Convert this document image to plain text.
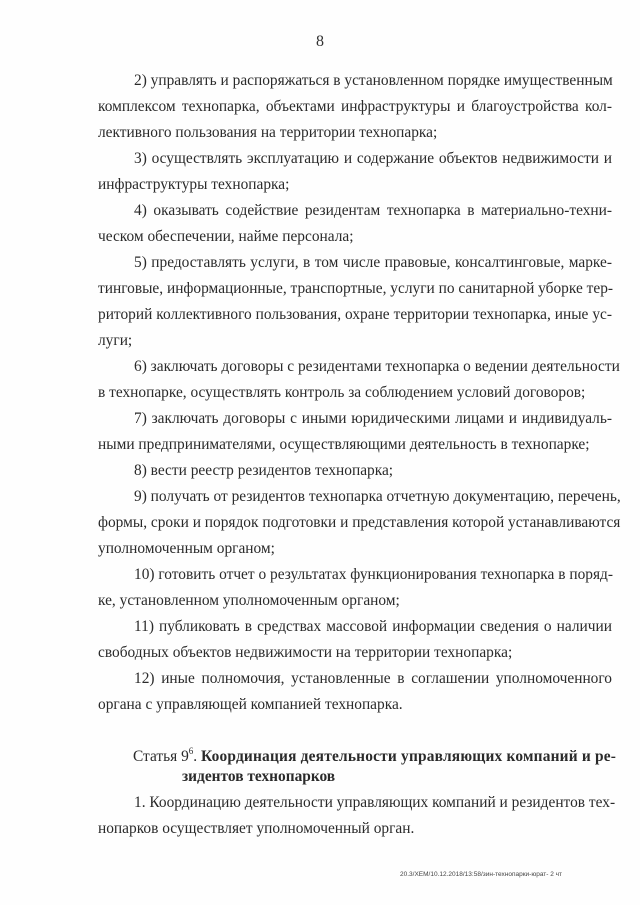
8
2) управлять и распоряжаться в установленном порядке имущественным
комплексом технопарка, объектами инфраструктуры и благоустройства кол-
лективного пользования на территории технопарка;
3) осуществлять эксплуатацию и содержание объектов недвижимости и
инфраструктуры технопарка;
4) оказывать содействие резидентам технопарка в материально-техни-
ческом обеспечении, найме персонала;
5) предоставлять услуги, в том числе правовые, консалтинговые, марке-
тинговые, информационные, транспортные, услуги по санитарной уборке тер-
риторий коллективного пользования, охране территории технопарка, иные ус-
луги;
6) заключать договоры с резидентами технопарка о ведении деятельности
в технопарке, осуществлять контроль за соблюдением условий договоров;
7) заключать договоры с иными юридическими лицами и индивидуаль-
ными предпринимателями, осуществляющими деятельность в технопарке;
8) вести реестр резидентов технопарка;
9) получать от резидентов технопарка отчетную документацию, перечень,
формы, сроки и порядок подготовки и представления которой устанавливаются
уполномоченным органом;
10) готовить отчет о результатах функционирования технопарка в поряд-
ке, установленном уполномоченным органом;
11) публиковать в средствах массовой информации сведения о наличии
свободных объектов недвижимости на территории технопарка;
12) иные полномочия, установленные в соглашении уполномоченного
органа с управляющей компанией технопарка.
Статья $9^6$. Координация деятельности управляющих компаний и ре-
зидентов технопарков
1. Координацию деятельности управляющих компаний и резидентов тех-
нопарков осуществляет уполномоченный орган.
20.3/ХЕМ/10.12.2018/13:58/зин-технопарки-юрат- 2 чт
